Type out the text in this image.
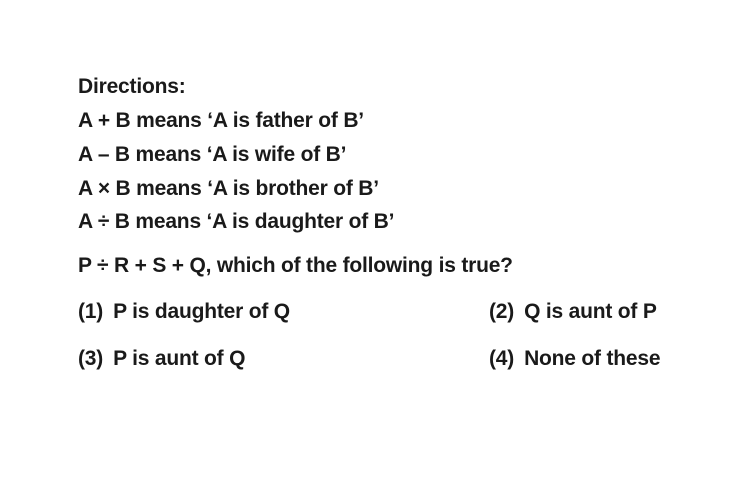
Directions:
A + B means ‘A is father of B’
A – B means ‘A is wife of B’
A × B means ‘A is brother of B’
A ÷ B means ‘A is daughter of B’
P ÷ R + S + Q, which of the following is true?
(1) P is daughter of Q	(2) Q is aunt of P
(3) P is aunt of Q	(4) None of these
